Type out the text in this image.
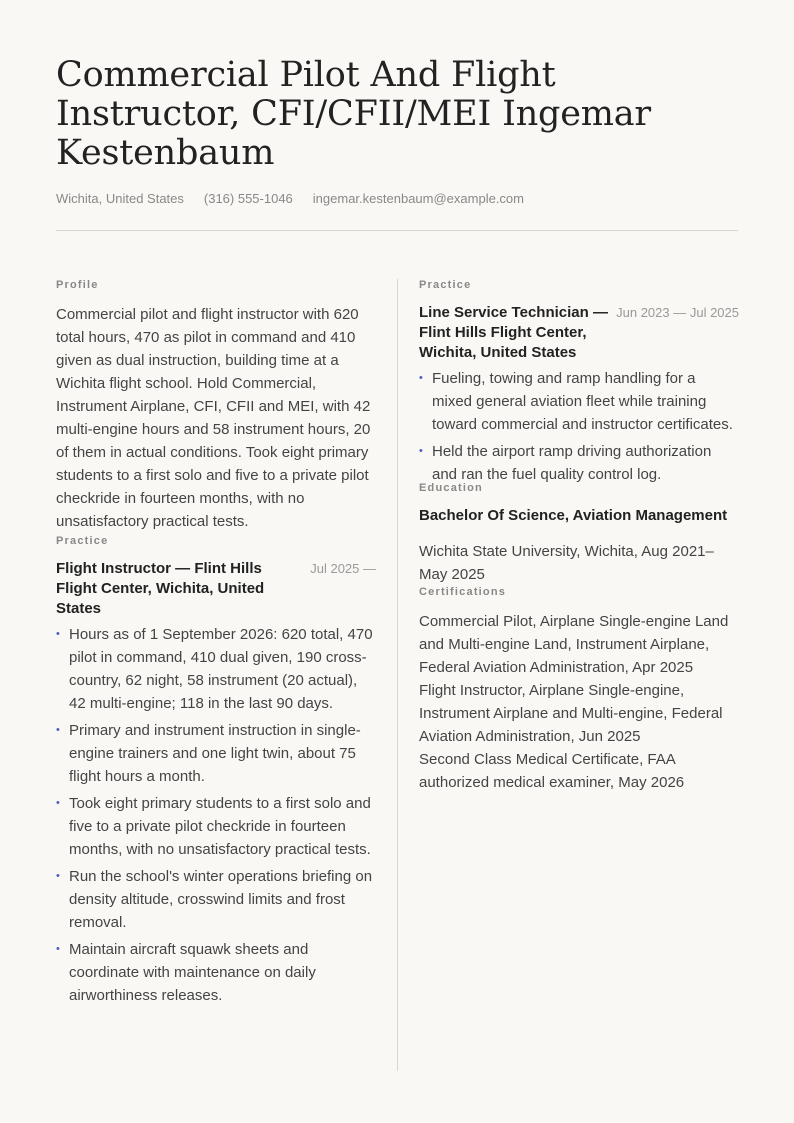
Commercial Pilot And Flight Instructor, CFI/CFII/MEI Ingemar Kestenbaum
Wichita, United States (316) 555-1046 ingemar.kestenbaum@example.com
Profile

Commercial pilot and flight instructor with 620 total hours, 470 as pilot in command and 410 given as dual instruction, building time at a Wichita flight school. Hold Commercial, Instrument Airplane, CFI, CFII and MEI, with 42 multi-engine hours and 58 instrument hours, 20 of them in actual conditions. Took eight primary students to a first solo and five to a private pilot checkride in fourteen months, with no unsatisfactory practical tests.

Practice
Flight Instructor — Flint Hills Flight Center, Wichita, United States
Jul 2025 —
• Hours as of 1 September 2026: 620 total, 470 pilot in command, 410 dual given, 190 cross-country, 62 night, 58 instrument (20 actual), 42 multi-engine; 118 in the last 90 days.
• Primary and instrument instruction in single-engine trainers and one light twin, about 75 flight hours a month.
• Took eight primary students to a first solo and five to a private pilot checkride in fourteen months, with no unsatisfactory practical tests.
• Run the school's winter operations briefing on density altitude, crosswind limits and frost removal.
• Maintain aircraft squawk sheets and coordinate with maintenance on daily airworthiness releases.
Practice
Line Service Technician — Flint Hills Flight Center, Wichita, United States
Jun 2023 — Jul 2025
• Fueling, towing and ramp handling for a mixed general aviation fleet while training toward commercial and instructor certificates.
• Held the airport ramp driving authorization and ran the fuel quality control log.
Education
Bachelor Of Science, Aviation Management

Wichita State University, Wichita, Aug 2021–May 2025

Certifications

Commercial Pilot, Airplane Single-engine Land and Multi-engine Land, Instrument Airplane, Federal Aviation Administration, Apr 2025

Flight Instructor, Airplane Single-engine, Instrument Airplane and Multi-engine, Federal Aviation Administration, Jun 2025

Second Class Medical Certificate, FAA authorized medical examiner, May 2026
